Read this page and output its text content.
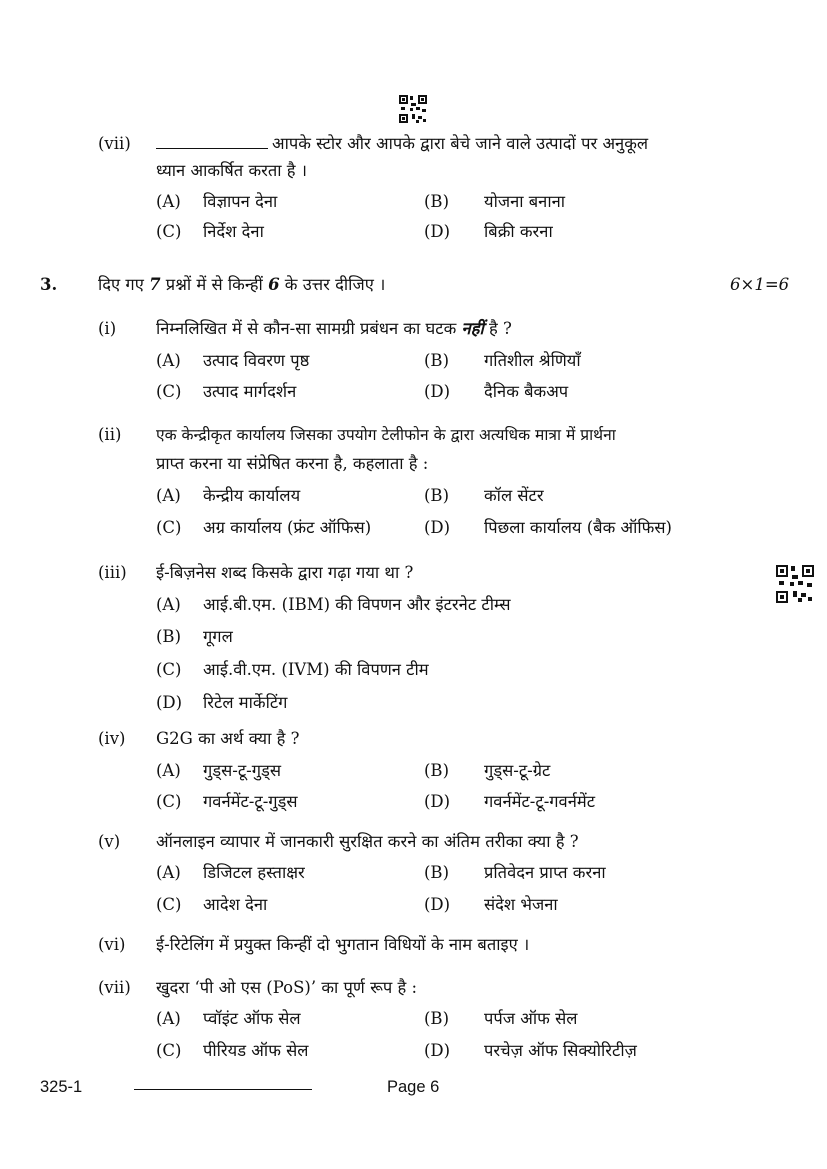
(vii)	आपके स्टोर और आपके द्वारा बेचे जाने वाले उत्पादों पर अनुकूल
ध्यान आकर्षित करता है ।
(A) विज्ञापन देना	(B) योजना बनाना
(C) निर्देश देना	(D) बिक्री करना
3. दिए गए 7 प्रश्नों में से किन्हीं 6 के उत्तर दीजिए ।	6×1=6
(i) निम्नलिखित में से कौन-सा सामग्री प्रबंधन का घटक नहीं है ?
(A) उत्पाद विवरण पृष्ठ	(B) गतिशील श्रेणियाँ
(C) उत्पाद मार्गदर्शन	(D) दैनिक बैकअप
(ii) एक केन्द्रीकृत कार्यालय जिसका उपयोग टेलीफोन के द्वारा अत्यधिक मात्रा में प्रार्थना
प्राप्त करना या संप्रेषित करना है, कहलाता है :
(A) केन्द्रीय कार्यालय	(B) कॉल सेंटर
(C) अग्र कार्यालय (फ्रंट ऑफिस)	(D) पिछला कार्यालय (बैक ऑफिस)
(iii) ई-बिज़नेस शब्द किसके द्वारा गढ़ा गया था ?
(A) आई.बी.एम. (IBM) की विपणन और इंटरनेट टीम्स
(B) गूगल
(C) आई.वी.एम. (IVM) की विपणन टीम
(D) रिटेल मार्केटिंग
(iv) G2G का अर्थ क्या है ?
(A) गुड्स-टू-गुड्स	(B) गुड्स-टू-ग्रेट
(C) गवर्नमेंट-टू-गुड्स	(D) गवर्नमेंट-टू-गवर्नमेंट
(v) ऑनलाइन व्यापार में जानकारी सुरक्षित करने का अंतिम तरीका क्या है ?
(A) डिजिटल हस्ताक्षर	(B) प्रतिवेदन प्राप्त करना
(C) आदेश देना	(D) संदेश भेजना
(vi) ई-रिटेलिंग में प्रयुक्त किन्हीं दो भुगतान विधियों के नाम बताइए ।
(vii) खुदरा ‘पी ओ एस (PoS)’ का पूर्ण रूप है :
(A) प्वॉइंट ऑफ सेल	(B) पर्पज ऑफ सेल
(C) पीरियड ऑफ सेल	(D) परचेज़ ऑफ सिक्योरिटीज़
325-1	Page 6
